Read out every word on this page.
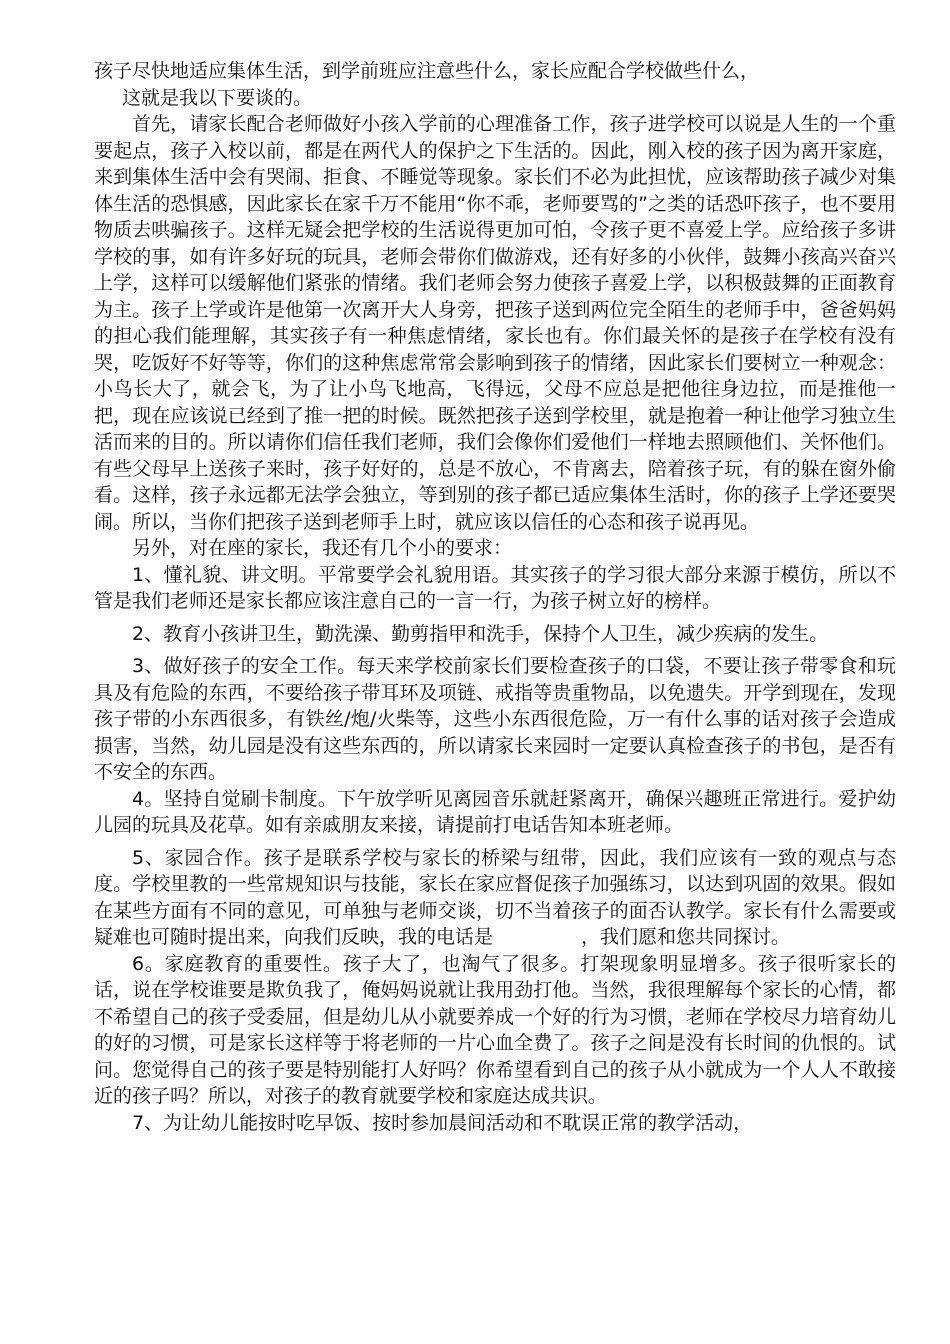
孩子尽快地适应集体生活，到学前班应注意些什么，家长应配合学校做些什么，
这就是我以下要谈的。

首先，请家长配合老师做好小孩入学前的心理准备工作，孩子进学校可以说是人生的一个重要起点，孩子入校以前，都是在两代人的保护之下生活的。因此，刚入校的孩子因为离开家庭，来到集体生活中会有哭闹、拒食、不睡觉等现象。家长们不必为此担忧，应该帮助孩子减少对集体生活的恐惧感，因此家长在家千万不能用“你不乖，老师要骂的”之类的话恐吓孩子，也不要用物质去哄骗孩子。这样无疑会把学校的生活说得更加可怕，令孩子更不喜爱上学。应给孩子多讲学校的事，如有许多好玩的玩具，老师会带你们做游戏，还有好多的小伙伴，鼓舞小孩高兴奋兴上学，这样可以缓解他们紧张的情绪。我们老师会努力使孩子喜爱上学，以积极鼓舞的正面教育为主。孩子上学或许是他第一次离开大人身旁，把孩子送到两位完全陌生的老师手中，爸爸妈妈的担心我们能理解，其实孩子有一种焦虑情绪，家长也有。你们最关怀的是孩子在学校有没有哭，吃饭好不好等等，你们的这种焦虑常常会影响到孩子的情绪，因此家长们要树立一种观念：小鸟长大了，就会飞，为了让小鸟飞地高，飞得远，父母不应总是把他往身边拉，而是推他一把，现在应该说已经到了推一把的时候。既然把孩子送到学校里，就是抱着一种让他学习独立生活而来的目的。所以请你们信任我们老师，我们会像你们爱他们一样地去照顾他们、关怀他们。有些父母早上送孩子来时，孩子好好的，总是不放心，不肯离去，陪着孩子玩，有的躲在窗外偷看。这样，孩子永远都无法学会独立，等到别的孩子都已适应集体生活时，你的孩子上学还要哭闹。所以，当你们把孩子送到老师手上时，就应该以信任的心态和孩子说再见。

另外，对在座的家长，我还有几个小的要求：

1、懂礼貌、讲文明。平常要学会礼貌用语。其实孩子的学习很大部分来源于模仿，所以不管是我们老师还是家长都应该注意自己的一言一行，为孩子树立好的榜样。

2、教育小孩讲卫生，勤洗澡、勤剪指甲和洗手，保持个人卫生，减少疾病的发生。

3、做好孩子的安全工作。每天来学校前家长们要检查孩子的口袋，不要让孩子带零食和玩具及有危险的东西，不要给孩子带耳环及项链、戒指等贵重物品，以免遗失。开学到现在，发现孩子带的小东西很多，有铁丝/炮/火柴等，这些小东西很危险，万一有什么事的话对孩子会造成损害，当然，幼儿园是没有这些东西的，所以请家长来园时一定要认真检查孩子的书包，是否有不安全的东西。

4。坚持自觉刷卡制度。下午放学听见离园音乐就赶紧离开，确保兴趣班正常进行。爱护幼儿园的玩具及花草。如有亲戚朋友来接，请提前打电话告知本班老师。

5、家园合作。孩子是联系学校与家长的桥梁与纽带，因此，我们应该有一致的观点与态度。学校里教的一些常规知识与技能，家长在家应督促孩子加强练习，以达到巩固的效果。假如在某些方面有不同的意见，可单独与老师交谈，切不当着孩子的面否认教学。家长有什么需要或疑难也可随时提出来，向我们反映，我的电话是	，我们愿和您共同探讨。

6。家庭教育的重要性。孩子大了，也淘气了很多。打架现象明显增多。孩子很听家长的话，说在学校谁要是欺负我了，俺妈妈说就让我用劲打他。当然，我很理解每个家长的心情，都不希望自己的孩子受委屈，但是幼儿从小就要养成一个好的行为习惯，老师在学校尽力培育幼儿的好的习惯，可是家长这样等于将老师的一片心血全费了。孩子之间是没有长时间的仇恨的。试问。您觉得自己的孩子要是特别能打人好吗？你希望看到自己的孩子从小就成为一个人人不敢接近的孩子吗？所以，对孩子的教育就要学校和家庭达成共识。

7、为让幼儿能按时吃早饭、按时参加晨间活动和不耽误正常的教学活动，
